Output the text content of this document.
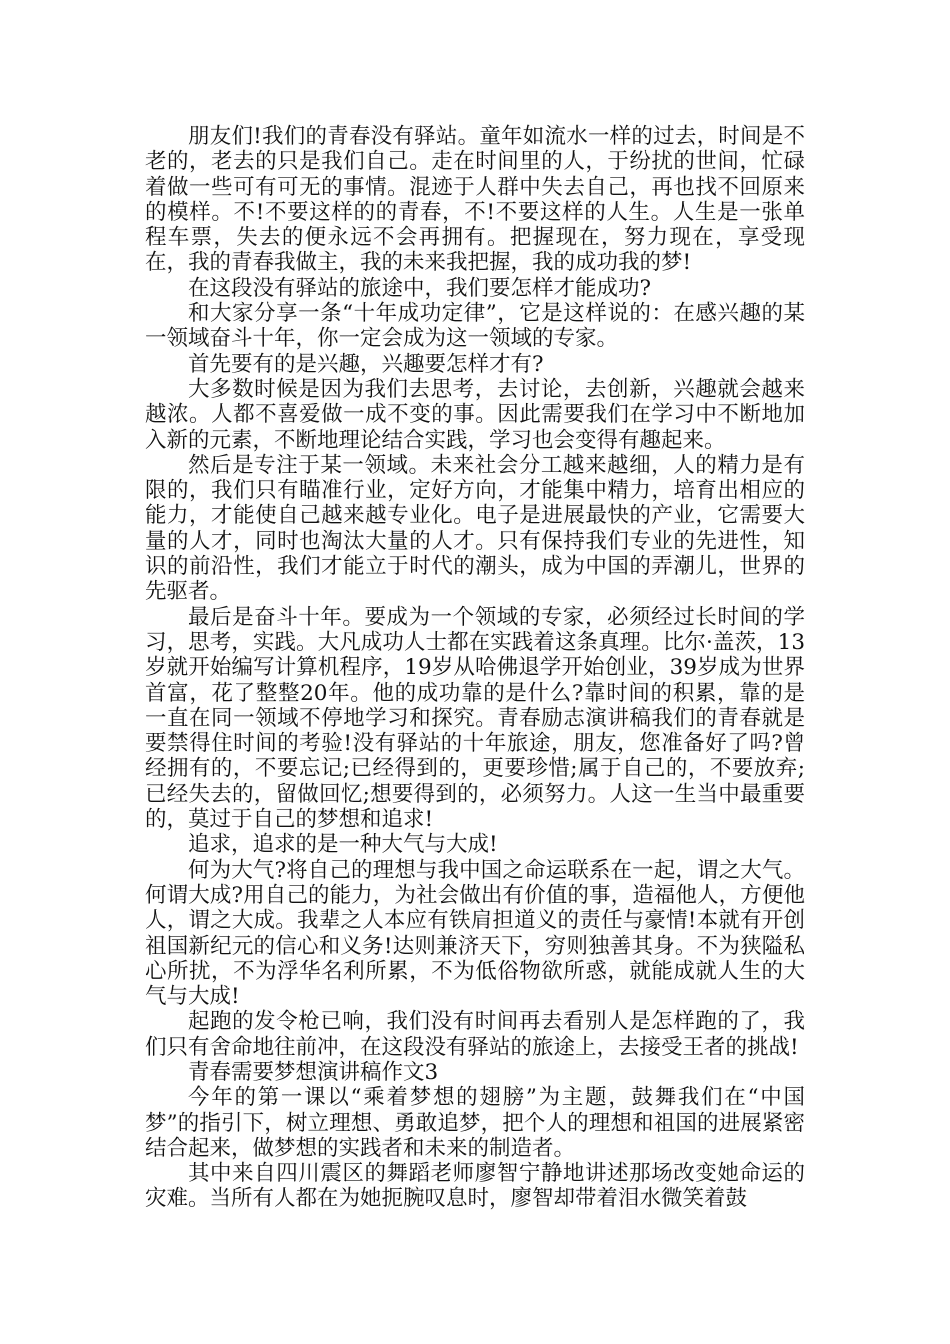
朋友们!我们的青春没有驿站。童年如流水一样的过去，时间是不老的，老去的只是我们自己。走在时间里的人，于纷扰的世间，忙碌着做一些可有可无的事情。混迹于人群中失去自己，再也找不回原来的模样。不!不要这样的的青春，不!不要这样的人生。人生是一张单程车票，失去的便永远不会再拥有。把握现在，努力现在，享受现在，我的青春我做主，我的未来我把握，我的成功我的梦!

在这段没有驿站的旅途中，我们要怎样才能成功?

和大家分享一条“十年成功定律”，它是这样说的：在感兴趣的某一领域奋斗十年，你一定会成为这一领域的专家。

首先要有的是兴趣，兴趣要怎样才有?

大多数时候是因为我们去思考，去讨论，去创新，兴趣就会越来越浓。人都不喜爱做一成不变的事。因此需要我们在学习中不断地加入新的元素，不断地理论结合实践，学习也会变得有趣起来。

然后是专注于某一领域。未来社会分工越来越细，人的精力是有限的，我们只有瞄准行业，定好方向，才能集中精力，培育出相应的能力，才能使自己越来越专业化。电子是进展最快的产业，它需要大量的人才，同时也淘汰大量的人才。只有保持我们专业的先进性，知识的前沿性，我们才能立于时代的潮头，成为中国的弄潮儿，世界的先驱者。

最后是奋斗十年。要成为一个领域的专家，必须经过长时间的学习，思考，实践。大凡成功人士都在实践着这条真理。比尔·盖茨，13岁就开始编写计算机程序，19岁从哈佛退学开始创业，39岁成为世界首富，花了整整20年。他的成功靠的是什么?靠时间的积累，靠的是一直在同一领域不停地学习和探究。青春励志演讲稿我们的青春就是要禁得住时间的考验!没有驿站的十年旅途，朋友，您准备好了吗?曾经拥有的，不要忘记;已经得到的，更要珍惜;属于自己的，不要放弃;已经失去的，留做回忆;想要得到的，必须努力。人这一生当中最重要的，莫过于自己的梦想和追求!

追求，追求的是一种大气与大成!

何为大气?将自己的理想与我中国之命运联系在一起，谓之大气。何谓大成?用自己的能力，为社会做出有价值的事，造福他人，方便他人，谓之大成。我辈之人本应有铁肩担道义的责任与豪情!本就有开创祖国新纪元的信心和义务!达则兼济天下，穷则独善其身。不为狭隘私心所扰，不为浮华名利所累，不为低俗物欲所惑，就能成就人生的大气与大成!

起跑的发令枪已响，我们没有时间再去看别人是怎样跑的了，我们只有舍命地往前冲，在这段没有驿站的旅途上，去接受王者的挑战!

青春需要梦想演讲稿作文3

今年的第一课以“乘着梦想的翅膀”为主题，鼓舞我们在“中国梦”的指引下，树立理想、勇敢追梦，把个人的理想和祖国的进展紧密结合起来，做梦想的实践者和未来的制造者。

其中来自四川震区的舞蹈老师廖智宁静地讲述那场改变她命运的灾难。当所有人都在为她扼腕叹息时，廖智却带着泪水微笑着鼓
